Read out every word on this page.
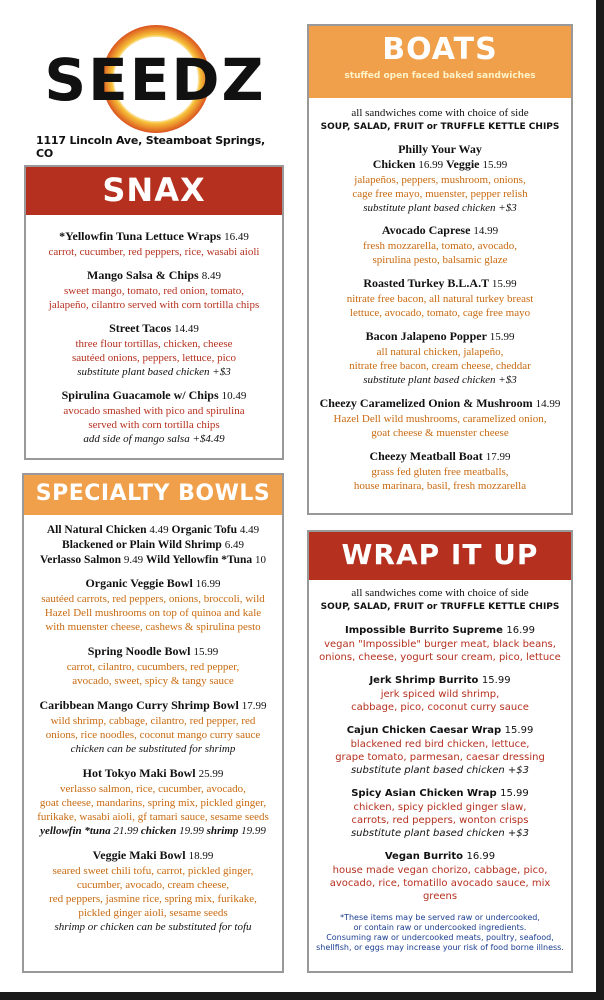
SEEDZ
1117 Lincoln Ave, Steamboat Springs, CO
SNAX
*Yellowfin Tuna Lettuce Wraps 16.49
carrot, cucumber, red peppers, rice, wasabi aioli
Mango Salsa & Chips 8.49
sweet mango, tomato, red onion, tomato,
jalapeño, cilantro served with corn tortilla chips
Street Tacos 14.49
three flour tortillas, chicken, cheese
sautéed onions, peppers, lettuce, pico
substitute plant based chicken +$3
Spirulina Guacamole w/ Chips 10.49
avocado smashed with pico and spirulina
served with corn tortilla chips
add side of mango salsa +$4.49
SPECIALTY BOWLS
All Natural Chicken 4.49 Organic Tofu 4.49
Blackened or Plain Wild Shrimp 6.49
Verlasso Salmon 9.49 Wild Yellowfin *Tuna 10
Organic Veggie Bowl 16.99
sautéed carrots, red peppers, onions, broccoli, wild
Hazel Dell mushrooms on top of quinoa and kale
with muenster cheese, cashews & spirulina pesto
Spring Noodle Bowl 15.99
carrot, cilantro, cucumbers, red pepper,
avocado, sweet, spicy & tangy sauce
Caribbean Mango Curry Shrimp Bowl 17.99
wild shrimp, cabbage, cilantro, red pepper, red
onions, rice noodles, coconut mango curry sauce
chicken can be substituted for shrimp
Hot Tokyo Maki Bowl 25.99
verlasso salmon, rice, cucumber, avocado,
goat cheese, mandarins, spring mix, pickled ginger,
furikake, wasabi aioli, gf tamari sauce, sesame seeds
yellowfin *tuna 21.99 chicken 19.99 shrimp 19.99
Veggie Maki Bowl 18.99
seared sweet chili tofu, carrot, pickled ginger,
cucumber, avocado, cream cheese,
red peppers, jasmine rice, spring mix, furikake,
pickled ginger aioli, sesame seeds
shrimp or chicken can be substituted for tofu
BOATS
stuffed open faced baked sandwiches
all sandwiches come with choice of side
SOUP, SALAD, FRUIT or TRUFFLE KETTLE CHIPS
Philly Your Way
Chicken 16.99 Veggie 15.99
jalapeños, peppers, mushroom, onions,
cage free mayo, muenster, pepper relish
substitute plant based chicken +$3
Avocado Caprese 14.99
fresh mozzarella, tomato, avocado,
spirulina pesto, balsamic glaze
Roasted Turkey B.L.A.T 15.99
nitrate free bacon, all natural turkey breast
lettuce, avocado, tomato, cage free mayo
Bacon Jalapeno Popper 15.99
all natural chicken, jalapeño,
nitrate free bacon, cream cheese, cheddar
substitute plant based chicken +$3
Cheezy Caramelized Onion & Mushroom 14.99
Hazel Dell wild mushrooms, caramelized onion,
goat cheese & muenster cheese
Cheezy Meatball Boat 17.99
grass fed gluten free meatballs,
house marinara, basil, fresh mozzarella
WRAP IT UP
all sandwiches come with choice of side
SOUP, SALAD, FRUIT or TRUFFLE KETTLE CHIPS
Impossible Burrito Supreme 16.99
vegan "Impossible" burger meat, black beans,
onions, cheese, yogurt sour cream, pico, lettuce
Jerk Shrimp Burrito 15.99
jerk spiced wild shrimp,
cabbage, pico, coconut curry sauce
Cajun Chicken Caesar Wrap 15.99
blackened red bird chicken, lettuce,
grape tomato, parmesan, caesar dressing
substitute plant based chicken +$3
Spicy Asian Chicken Wrap 15.99
chicken, spicy pickled ginger slaw,
carrots, red peppers, wonton crisps
substitute plant based chicken +$3
Vegan Burrito 16.99
house made vegan chorizo, cabbage, pico,
avocado, rice, tomatillo avocado sauce, mix greens
*These items may be served raw or undercooked,
or contain raw or undercooked ingredients.
Consuming raw or undercooked meats, poultry, seafood,
shellfish, or eggs may increase your risk of food borne illness.
